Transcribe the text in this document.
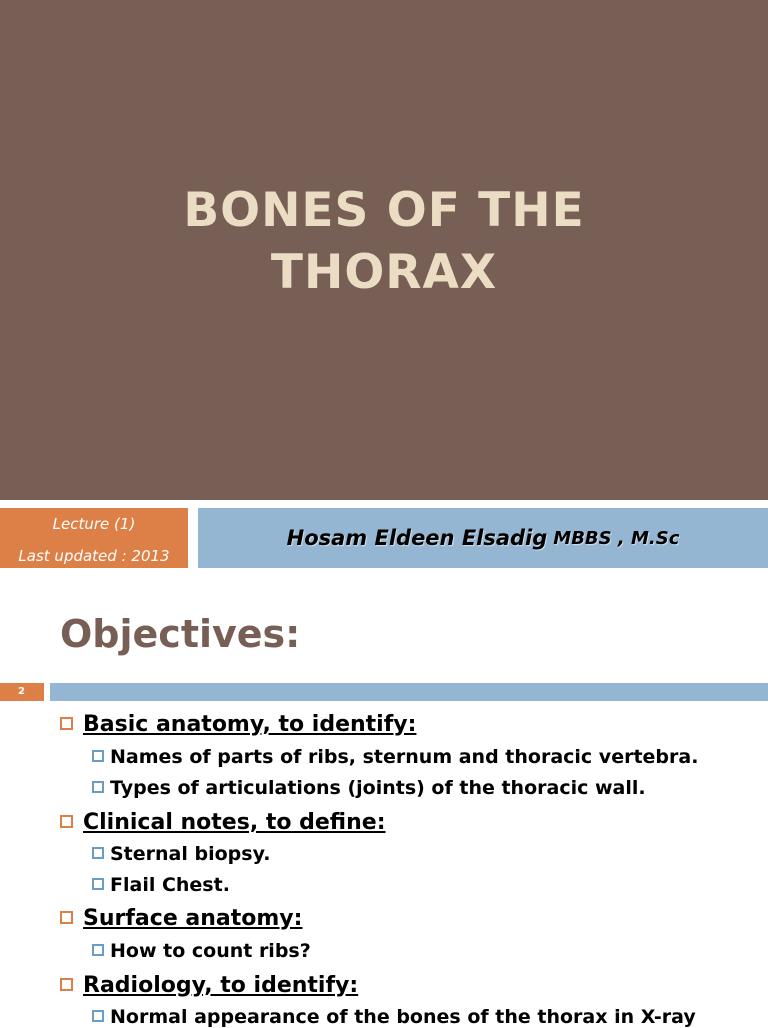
BONES OF THE
THORAX
Lecture (1)
Last updated : 2013
Hosam Eldeen Elsadig MBBS , M.Sc
Objectives:
2
Basic anatomy, to identify:
Names of parts of ribs, sternum and thoracic vertebra.
Types of articulations (joints) of the thoracic wall.
Clinical notes, to define:
Sternal biopsy.
Flail Chest.
Surface anatomy:
How to count ribs?
Radiology, to identify:
Normal appearance of the bones of the thorax in X-ray
